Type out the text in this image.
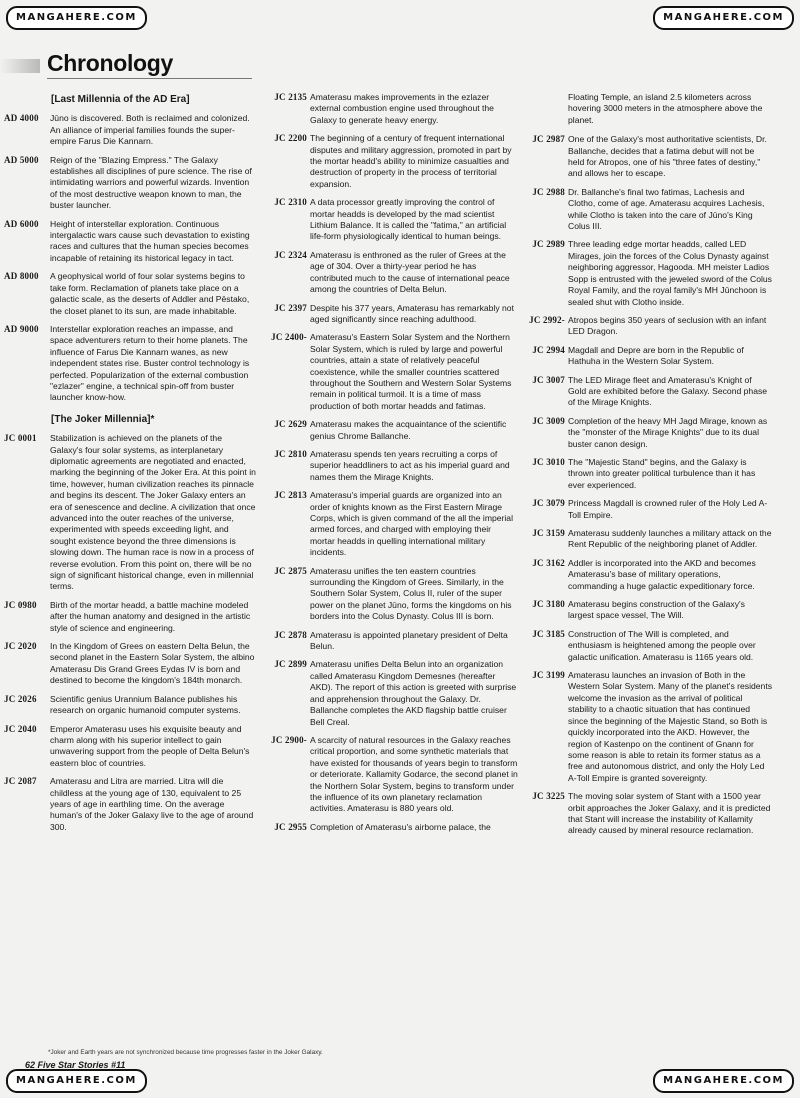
MANGAHERE.COM	MANGAHERE.COM
MANGAHERE.COM	MANGAHERE.COM
Chronology
[Last Millennia of the AD Era]
AD 4000	Jūno is discovered. Both is reclaimed and colonized. An alliance of imperial families founds the super-empire Farus Die Kannarn.
AD 5000	Reign of the "Blazing Empress." The Galaxy establishes all disciplines of pure science. The rise of intimidating warriors and powerful wizards. Invention of the most destructive weapon known to man, the buster launcher.
AD 6000	Height of interstellar exploration. Continuous intergalactic wars cause such devastation to existing races and cultures that the human species becomes incapable of retaining its historical legacy in tact.
AD 8000	A geophysical world of four solar systems begins to take form. Reclamation of planets take place on a galactic scale, as the deserts of Addler and Pēstako, the closet planet to its sun, are made inhabitable.
AD 9000	Interstellar exploration reaches an impasse, and space adventurers return to their home planets. The influence of Farus Die Kannarn wanes, as new independent states rise. Buster control technology is perfected. Popularization of the external combustion "ezlazer" engine, a technical spin-off from buster launcher know-how.
[The Joker Millennia]*
JC 0001	Stabilization is achieved on the planets of the Galaxy's four solar systems, as interplanetary diplomatic agreements are negotiated and enacted, marking the beginning of the Joker Era. At this point in time, however, human civilization reaches its pinnacle and begins its descent. The Joker Galaxy enters an era of senescence and decline. A civilization that once advanced into the outer reaches of the universe, experimented with speeds exceeding light, and sought existence beyond the three dimensions is slowing down. The human race is now in a process of reverse evolution. From this point on, there will be no sign of significant historical change, even in millennial terms.
JC 0980	Birth of the mortar headd, a battle machine modeled after the human anatomy and designed in the artistic style of science and engineering.
JC 2020	In the Kingdom of Grees on eastern Delta Belun, the second planet in the Eastern Solar System, the albino Amaterasu Dis Grand Grees Eydas IV is born and destined to become the kingdom's 184th monarch.
JC 2026	Scientific genius Urannium Balance publishes his research on organic humanoid computer systems.
JC 2040	Emperor Amaterasu uses his exquisite beauty and charm along with his superior intellect to gain unwavering support from the people of Delta Belun's eastern bloc of countries.
JC 2087	Amaterasu and Litra are married. Litra will die childless at the young age of 130, equivalent to 25 years of age in earthling time. On the average human's of the Joker Galaxy live to the age of around 300.
JC 2135 Amaterasu makes improvements in the ezlazer external combustion engine used throughout the Galaxy to generate heavy energy.
JC 2200 The beginning of a century of frequent international disputes and military aggression, promoted in part by the mortar headd's ability to minimize casualties and destruction of property in the process of territorial expansion.
JC 2310 A data processor greatly improving the control of mortar headds is developed by the mad scientist Lithium Balance. It is called the "fatima," an artificial life-form physiologically identical to human beings.
JC 2324 Amaterasu is enthroned as the ruler of Grees at the age of 304. Over a thirty-year period he has contributed much to the cause of international peace among the countries of Delta Belun.
JC 2397 Despite his 377 years, Amaterasu has remarkably not aged significantly since reaching adulthood.
JC 2400- Amaterasu's Eastern Solar System and the Northern Solar System, which is ruled by large and powerful countries, attain a state of relatively peaceful coexistence, while the smaller countries scattered throughout the Southern and Western Solar Systems remain in political turmoil. It is a time of mass production of both mortar headds and fatimas.
JC 2629 Amaterasu makes the acquaintance of the scientific genius Chrome Ballanche.
JC 2810 Amaterasu spends ten years recruiting a corps of superior headdliners to act as his imperial guard and names them the Mirage Knights.
JC 2813 Amaterasu's imperial guards are organized into an order of knights known as the First Eastern Mirage Corps, which is given command of the all the imperial armed forces, and charged with employing their mortar headds in quelling international military incidents.
JC 2875 Amaterasu unifies the ten eastern countries surrounding the Kingdom of Grees. Similarly, in the Southern Solar System, Colus II, ruler of the super power on the planet Jūno, forms the kingdoms on his borders into the Colus Dynasty. Colus III is born.
JC 2878 Amaterasu is appointed planetary president of Delta Belun.
JC 2899 Amaterasu unifies Delta Belun into an organization called Amaterasu Kingdom Demesnes (hereafter AKD). The report of this action is greeted with surprise and apprehension throughout the Galaxy. Dr. Ballanche completes the AKD flagship battle cruiser Bell Creal.
JC 2900- A scarcity of natural resources in the Galaxy reaches critical proportion, and some synthetic materials that have existed for thousands of years begin to transform or deteriorate. Kallamity Godarce, the second planet in the Northern Solar System, begins to transform under the influence of its own planetary reclamation activities. Amaterasu is 880 years old.
JC 2955 Completion of Amaterasu's airborne palace, the
Floating Temple, an island 2.5 kilometers across hovering 3000 meters in the atmosphere above the planet.
JC 2987 One of the Galaxy's most authoritative scientists, Dr. Ballanche, decides that a fatima debut will not be held for Atropos, one of his "three fates of destiny," and allows her to escape.
JC 2988 Dr. Ballanche's final two fatimas, Lachesis and Clotho, come of age. Amaterasu acquires Lachesis, while Clotho is taken into the care of Jūno's King Colus III.
JC 2989 Three leading edge mortar headds, called LED Mirages, join the forces of the Colus Dynasty against neighboring aggressor, Hagooda. MH meister Ladios Sopp is entrusted with the jeweled sword of the Colus Royal Family, and the royal family's MH Jūnchoon is sealed shut with Clotho inside.
JC 2992- Atropos begins 350 years of seclusion with an infant LED Dragon.
JC 2994 Magdall and Depre are born in the Republic of Hathuha in the Western Solar System.
JC 3007 The LED Mirage fleet and Amaterasu's Knight of Gold are exhibited before the Galaxy. Second phase of the Mirage Knights.
JC 3009 Completion of the heavy MH Jagd Mirage, known as the "monster of the Mirage Knights" due to its dual buster canon design.
JC 3010 The "Majestic Stand" begins, and the Galaxy is thrown into greater political turbulence than it has ever experienced.
JC 3079 Princess Magdall is crowned ruler of the Holy Led A-Toll Empire.
JC 3159 Amaterasu suddenly launches a military attack on the Rent Republic of the neighboring planet of Addler.
JC 3162 Addler is incorporated into the AKD and becomes Amaterasu's base of military operations, commanding a huge galactic expeditionary force.
JC 3180 Amaterasu begins construction of the Galaxy's largest space vessel, The Will.
JC 3185 Construction of The Will is completed, and enthusiasm is heightened among the people over galactic unification. Amaterasu is 1165 years old.
JC 3199 Amaterasu launches an invasion of Both in the Western Solar System. Many of the planet's residents welcome the invasion as the arrival of political stability to a chaotic situation that has continued since the beginning of the Majestic Stand, so Both is quickly incorporated into the AKD. However, the region of Kastenpo on the continent of Gnann for some reason is able to retain its former status as a free and autonomous district, and only the Holy Led A-Toll Empire is granted sovereignty.
JC 3225 The moving solar system of Stant with a 1500 year orbit approaches the Joker Galaxy, and it is predicted that Stant will increase the instability of Kallamity already caused by mineral resource reclamation.
*Joker and Earth years are not synchronized because time progresses faster in the Joker Galaxy.
62 Five Star Stories #11
